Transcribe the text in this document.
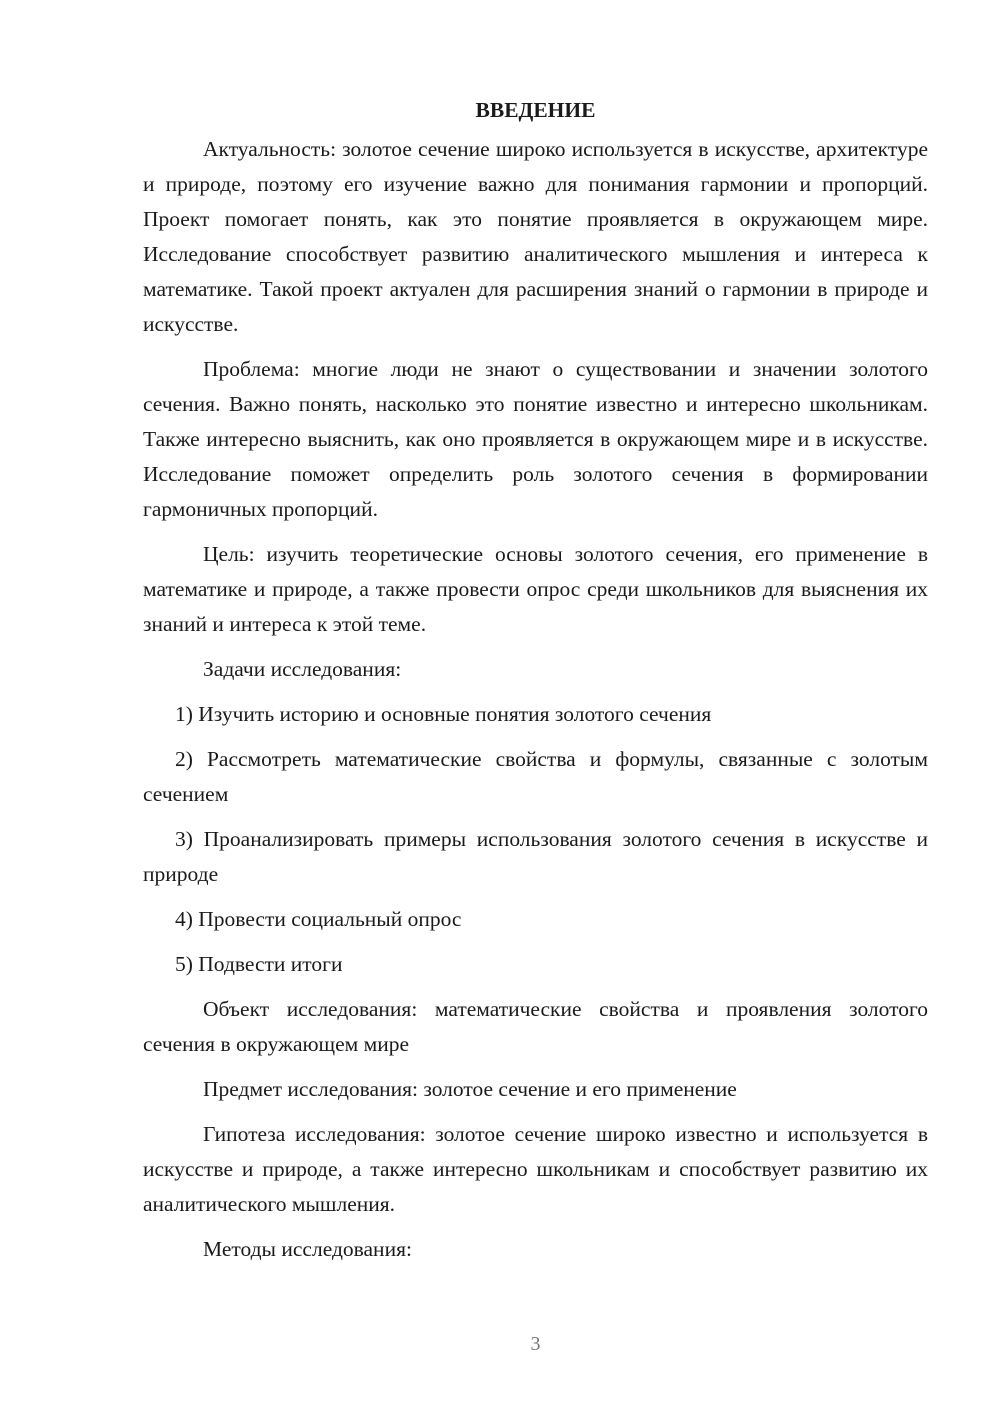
ВВЕДЕНИЕ

Актуальность: золотое сечение широко используется в искусстве, архитектуре и природе, поэтому его изучение важно для понимания гармонии и пропорций. Проект помогает понять, как это понятие проявляется в окружающем мире. Исследование способствует развитию аналитического мышления и интереса к математике. Такой проект актуален для расширения знаний о гармонии в природе и искусстве.

Проблема: многие люди не знают о существовании и значении золотого сечения. Важно понять, насколько это понятие известно и интересно школьникам. Также интересно выяснить, как оно проявляется в окружающем мире и в искусстве. Исследование поможет определить роль золотого сечения в формировании гармоничных пропорций.

Цель: изучить теоретические основы золотого сечения, его применение в математике и природе, а также провести опрос среди школьников для выяснения их знаний и интереса к этой теме.

Задачи исследования:

1) Изучить историю и основные понятия золотого сечения

2) Рассмотреть математические свойства и формулы, связанные с золотым сечением

3) Проанализировать примеры использования золотого сечения в искусстве и природе

4) Провести социальный опрос

5) Подвести итоги

Объект исследования: математические свойства и проявления золотого сечения в окружающем мире

Предмет исследования: золотое сечение и его применение

Гипотеза исследования: золотое сечение широко известно и используется в искусстве и природе, а также интересно школьникам и способствует развитию их аналитического мышления.

Методы исследования:

3
